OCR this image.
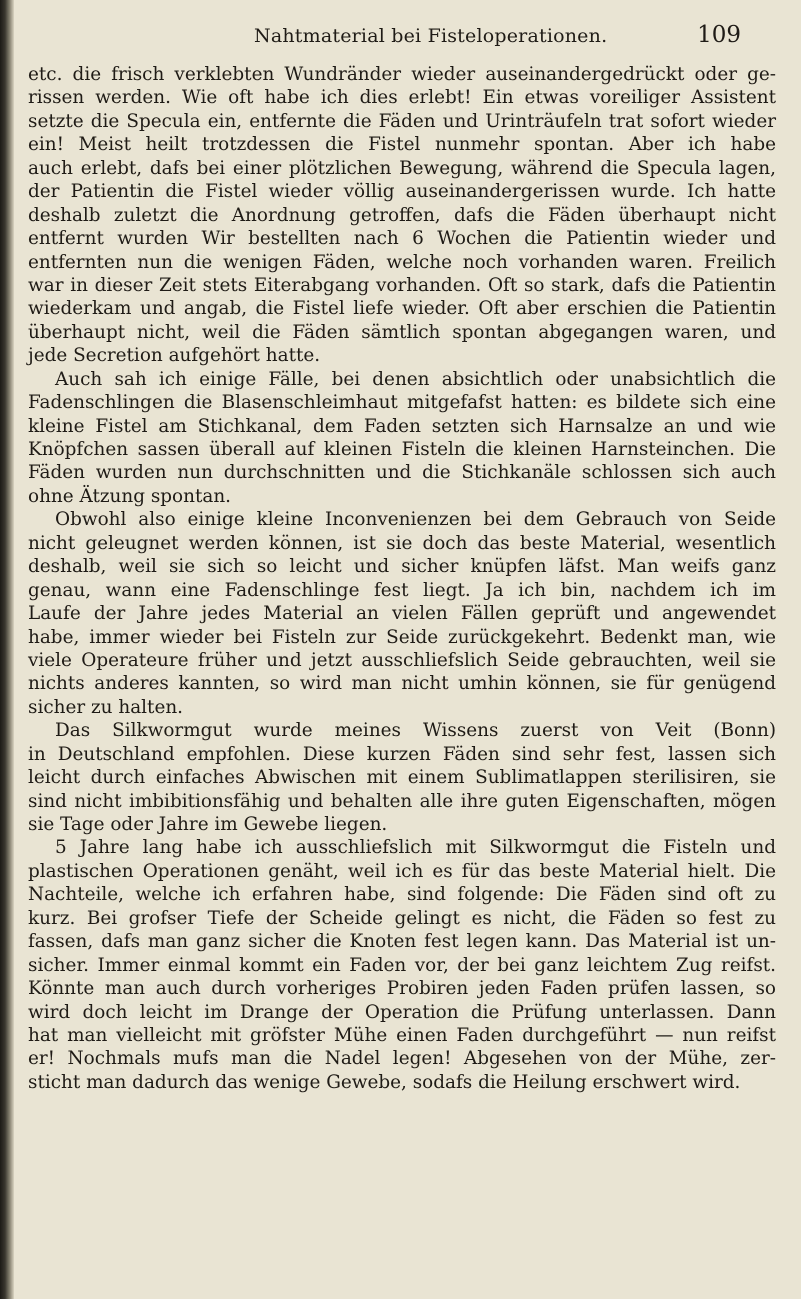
Nahtmaterial bei Fisteloperationen.	109
etc. die frisch verklebten Wundränder wieder auseinandergedrückt oder ge-
rissen werden. Wie oft habe ich dies erlebt! Ein etwas voreiliger Assistent
setzte die Specula ein, entfernte die Fäden und Urinträufeln trat sofort wieder
ein! Meist heilt trotzdessen die Fistel nunmehr spontan. Aber ich habe
auch erlebt, dafs bei einer plötzlichen Bewegung, während die Specula lagen,
der Patientin die Fistel wieder völlig auseinandergerissen wurde. Ich hatte
deshalb zuletzt die Anordnung getroffen, dafs die Fäden überhaupt nicht
entfernt wurden Wir bestellten nach 6 Wochen die Patientin wieder und
entfernten nun die wenigen Fäden, welche noch vorhanden waren. Freilich
war in dieser Zeit stets Eiterabgang vorhanden. Oft so stark, dafs die Patientin
wiederkam und angab, die Fistel liefe wieder. Oft aber erschien die Patientin
überhaupt nicht, weil die Fäden sämtlich spontan abgegangen waren, und
jede Secretion aufgehört hatte.
Auch sah ich einige Fälle, bei denen absichtlich oder unabsichtlich die
Fadenschlingen die Blasenschleimhaut mitgefafst hatten: es bildete sich eine
kleine Fistel am Stichkanal, dem Faden setzten sich Harnsalze an und wie
Knöpfchen sassen überall auf kleinen Fisteln die kleinen Harnsteinchen. Die
Fäden wurden nun durchschnitten und die Stichkanäle schlossen sich auch
ohne Ätzung spontan.
Obwohl also einige kleine Inconvenienzen bei dem Gebrauch von Seide
nicht geleugnet werden können, ist sie doch das beste Material, wesentlich
deshalb, weil sie sich so leicht und sicher knüpfen läfst. Man weifs ganz
genau, wann eine Fadenschlinge fest liegt. Ja ich bin, nachdem ich im
Laufe der Jahre jedes Material an vielen Fällen geprüft und angewendet
habe, immer wieder bei Fisteln zur Seide zurückgekehrt. Bedenkt man, wie
viele Operateure früher und jetzt ausschliefslich Seide gebrauchten, weil sie
nichts anderes kannten, so wird man nicht umhin können, sie für genügend
sicher zu halten.
Das Silkwormgut wurde meines Wissens zuerst von Veit (Bonn)
in Deutschland empfohlen. Diese kurzen Fäden sind sehr fest, lassen sich
leicht durch einfaches Abwischen mit einem Sublimatlappen sterilisiren, sie
sind nicht imbibitionsfähig und behalten alle ihre guten Eigenschaften, mögen
sie Tage oder Jahre im Gewebe liegen.
5 Jahre lang habe ich ausschliefslich mit Silkwormgut die Fisteln und
plastischen Operationen genäht, weil ich es für das beste Material hielt. Die
Nachteile, welche ich erfahren habe, sind folgende: Die Fäden sind oft zu
kurz. Bei grofser Tiefe der Scheide gelingt es nicht, die Fäden so fest zu
fassen, dafs man ganz sicher die Knoten fest legen kann. Das Material ist un-
sicher. Immer einmal kommt ein Faden vor, der bei ganz leichtem Zug reifst.
Könnte man auch durch vorheriges Probiren jeden Faden prüfen lassen, so
wird doch leicht im Drange der Operation die Prüfung unterlassen. Dann
hat man vielleicht mit gröfster Mühe einen Faden durchgeführt — nun reifst
er! Nochmals mufs man die Nadel legen! Abgesehen von der Mühe, zer-
sticht man dadurch das wenige Gewebe, sodafs die Heilung erschwert wird.
